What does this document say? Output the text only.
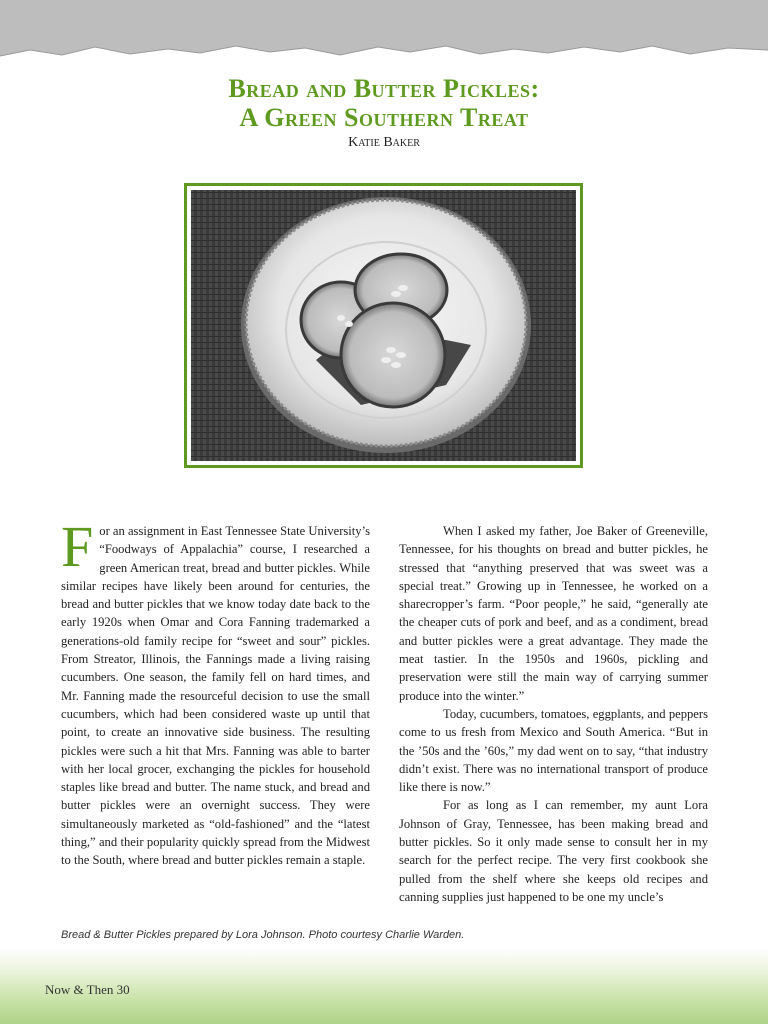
Bread and Butter Pickles:
A Green Southern Treat
Katie Baker

For an assignment in East Tennessee State University’s “Foodways of Appalachia” course, I researched a green American treat, bread and butter pickles. While similar recipes have likely been around for centuries, the bread and butter pickles that we know today date back to the early 1920s when Omar and Cora Fanning trademarked a generations-old family recipe for “sweet and sour” pickles. From Streator, Illinois, the Fannings made a living raising cucumbers. One season, the family fell on hard times, and Mr. Fanning made the resourceful decision to use the small cucumbers, which had been considered waste up until that point, to create an innovative side business. The resulting pickles were such a hit that Mrs. Fanning was able to barter with her local grocer, exchanging the pickles for household staples like bread and butter. The name stuck, and bread and butter pickles were an overnight success. They were simultaneously marketed as “old-fashioned” and the “latest thing,” and their popularity quickly spread from the Midwest to the South, where bread and butter pickles remain a staple.

When I asked my father, Joe Baker of Greeneville, Tennessee, for his thoughts on bread and butter pickles, he stressed that “anything preserved that was sweet was a special treat.” Growing up in Tennessee, he worked on a sharecropper’s farm. “Poor people,” he said, “generally ate the cheaper cuts of pork and beef, and as a condiment, bread and butter pickles were a great advantage. They made the meat tastier. In the 1950s and 1960s, pickling and preservation were still the main way of carrying summer produce into the winter.”

Today, cucumbers, tomatoes, eggplants, and peppers come to us fresh from Mexico and South America. “But in the ’50s and the ’60s,” my dad went on to say, “that industry didn’t exist. There was no international transport of produce like there is now.”

For as long as I can remember, my aunt Lora Johnson of Gray, Tennessee, has been making bread and butter pickles. So it only made sense to consult her in my search for the perfect recipe. The very first cookbook she pulled from the shelf where she keeps old recipes and canning supplies just happened to be one my uncle’s

Bread & Butter Pickles prepared by Lora Johnson. Photo courtesy Charlie Warden.
Now & Then 30
